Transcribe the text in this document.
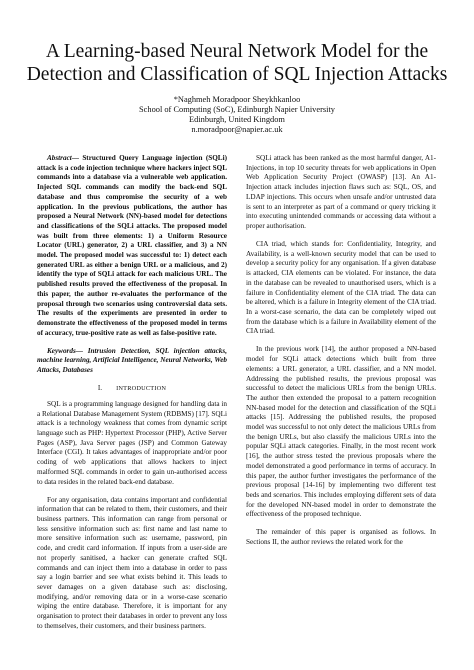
A Learning-based Neural Network Model for the
Detection and Classification of SQL Injection Attacks
*Naghmeh Moradpoor Sheykhkanloo
School of Computing (SoC), Edinburgh Napier University
Edinburgh, United Kingdom
n.moradpoor@napier.ac.uk

Abstract— Structured Query Language injection (SQLi) attack is a code injection technique where hackers inject SQL commands into a database via a vulnerable web application. Injected SQL commands can modify the back-end SQL database and thus compromise the security of a web application. In the previous publications, the author has proposed a Neural Network (NN)-based model for detections and classifications of the SQLi attacks. The proposed model was built from three elements: 1) a Uniform Resource Locator (URL) generator, 2) a URL classifier, and 3) a NN model. The proposed model was successful to: 1) detect each generated URL as either a benign URL or a malicious, and 2) identify the type of SQLi attack for each malicious URL. The published results proved the effectiveness of the proposal. In this paper, the author re-evaluates the performance of the proposal through two scenarios using controversial data sets. The results of the experiments are presented in order to demonstrate the effectiveness of the proposed model in terms of accuracy, true-positive rate as well as false-positive rate.

Keywords— Intrusion Detection, SQL injection attacks, machine learning, Artificial Intelligence, Neural Networks, Web Attacks, Databases

I. INTRODUCTION

SQL is a programming language designed for handling data in a Relational Database Management System (RDBMS) [17]. SQLi attack is a technology weakness that comes from dynamic script language such as PHP: Hypertext Processor (PHP), Active Server Pages (ASP), Java Server pages (JSP) and Common Gateway Interface (CGI). It takes advantages of inappropriate and/or poor coding of web applications that allows hackers to inject malformed SQL commands in order to gain un-authorised access to data resides in the related back-end database.

For any organisation, data contains important and confidential information that can be related to them, their customers, and their business partners. This information can range from personal or less sensitive information such as: first name and last name to more sensitive information such as: username, password, pin code, and credit card information. If inputs from a user-side are not properly sanitised, a hacker can generate crafted SQL commands and can inject them into a database in order to pass say a login barrier and see what exists behind it. This leads to sever damages on a given database such as: disclosing, modifying, and/or removing data or in a worse-case scenario wiping the entire database. Therefore, it is important for any organisation to protect their databases in order to prevent any loss to themselves, their customers, and their business partners.

SQLi attack has been ranked as the most harmful danger, A1-Injections, in top 10 security threats for web applications in Open Web Application Security Project (OWASP) [13]. An A1-Injection attack includes injection flaws such as: SQL, OS, and LDAP injections. This occurs when unsafe and/or untrusted data is sent to an interpreter as part of a command or query tricking it into executing unintended commands or accessing data without a proper authorisation.

CIA triad, which stands for: Confidentiality, Integrity, and Availability, is a well-known security model that can be used to develop a security policy for any organisation. If a given database is attacked, CIA elements can be violated. For instance, the data in the database can be revealed to unauthorised users, which is a failure in Confidentiality element of the CIA triad. The data can be altered, which is a failure in Integrity element of the CIA triad. In a worst-case scenario, the data can be completely wiped out from the database which is a failure in Availability element of the CIA triad.

In the previous work [14], the author proposed a NN-based model for SQLi attack detections which built from three elements: a URL generator, a URL classifier, and a NN model. Addressing the published results, the previous proposal was successful to detect the malicious URLs from the benign URLs. The author then extended the proposal to a pattern recognition NN-based model for the detection and classification of the SQLi attacks [15]. Addressing the published results, the proposed model was successful to not only detect the malicious URLs from the benign URLs, but also classify the malicious URLs into the popular SQLi attack categories. Finally, in the most recent work [16], the author stress tested the previous proposals where the model demonstrated a good performance in terms of accuracy. In this paper, the author further investigates the performance of the previous proposal [14-16] by implementing two different test beds and scenarios. This includes employing different sets of data for the developed NN-based model in order to demonstrate the effectiveness of the proposed technique.

The remainder of this paper is organised as follows. In Sections II, the author reviews the related work for the
